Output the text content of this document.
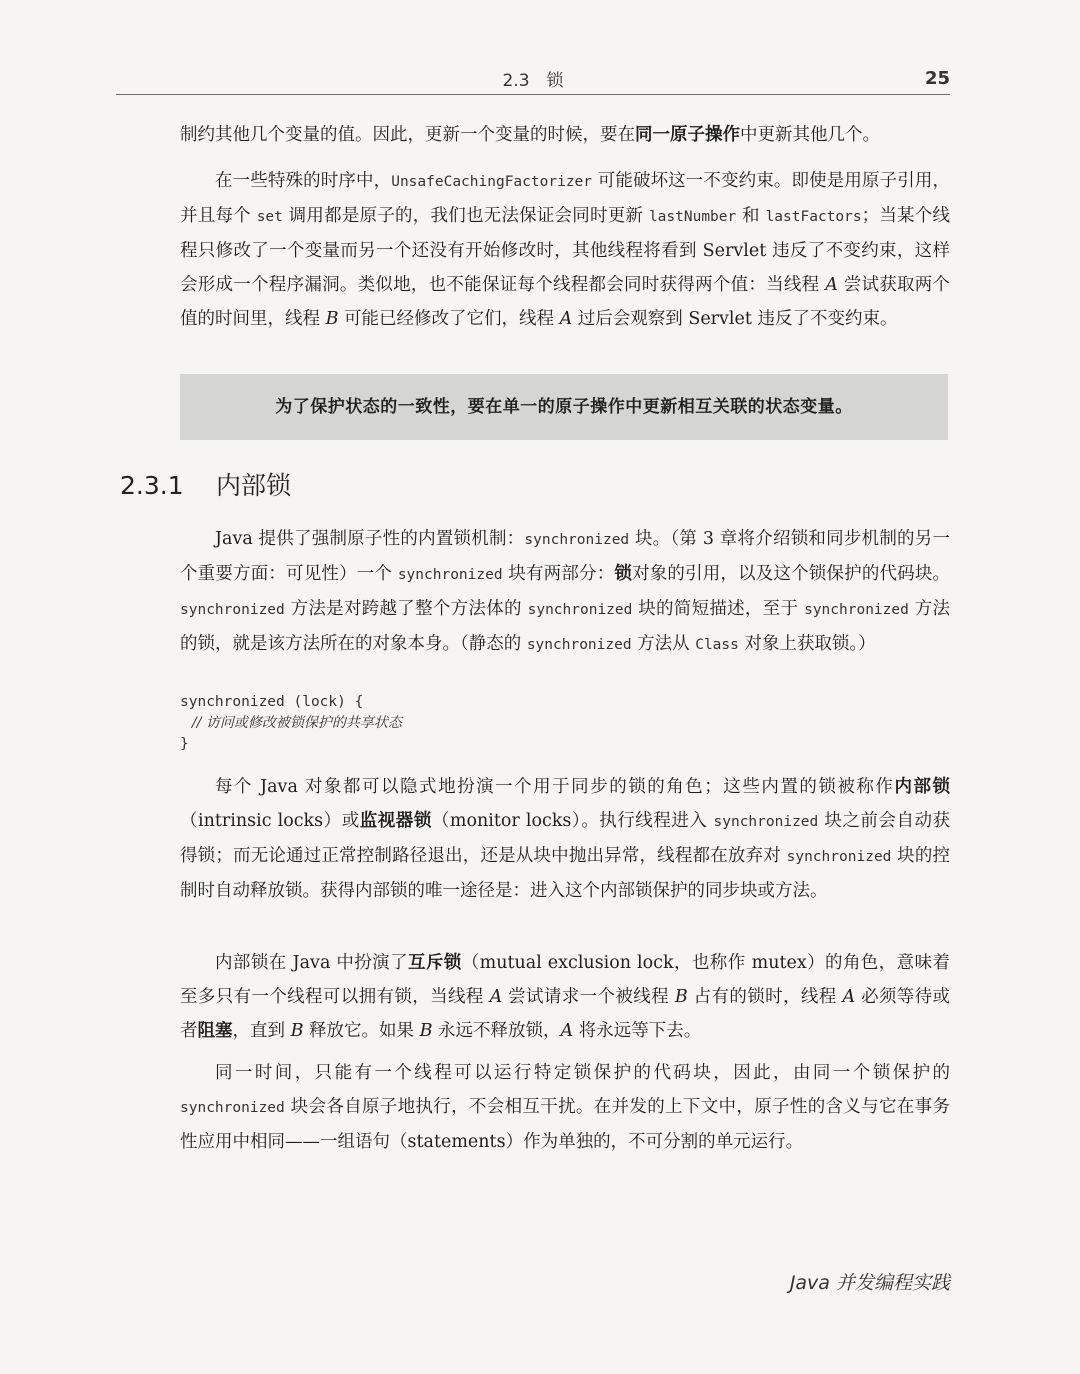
2.3　锁	25

制约其他几个变量的值。因此，更新一个变量的时候，要在同一原子操作中更新其他几个。

在一些特殊的时序中，UnsafeCachingFactorizer 可能破坏这一不变约束。即使是用原子引用，并且每个 set 调用都是原子的，我们也无法保证会同时更新 lastNumber 和 lastFactors；当某个线程只修改了一个变量而另一个还没有开始修改时，其他线程将看到 Servlet 违反了不变约束，这样会形成一个程序漏洞。类似地，也不能保证每个线程都会同时获得两个值：当线程 A 尝试获取两个值的时间里，线程 B 可能已经修改了它们，线程 A 过后会观察到 Servlet 违反了不变约束。

为了保护状态的一致性，要在单一的原子操作中更新相互关联的状态变量。
2.3.1 内部锁

Java 提供了强制原子性的内置锁机制：synchronized 块。（第 3 章将介绍锁和同步机制的另一个重要方面：可见性）一个 synchronized 块有两部分：锁对象的引用，以及这个锁保护的代码块。synchronized 方法是对跨越了整个方法体的 synchronized 块的简短描述，至于 synchronized 方法的锁，就是该方法所在的对象本身。（静态的 synchronized 方法从 Class 对象上获取锁。）

synchronized (lock) {
// 访问或修改被锁保护的共享状态
}

每个 Java 对象都可以隐式地扮演一个用于同步的锁的角色；这些内置的锁被称作内部锁（intrinsic locks）或监视器锁（monitor locks）。执行线程进入 synchronized 块之前会自动获得锁；而无论通过正常控制路径退出，还是从块中抛出异常，线程都在放弃对 synchronized 块的控制时自动释放锁。获得内部锁的唯一途径是：进入这个内部锁保护的同步块或方法。

内部锁在 Java 中扮演了互斥锁（mutual exclusion lock，也称作 mutex）的角色，意味着至多只有一个线程可以拥有锁，当线程 A 尝试请求一个被线程 B 占有的锁时，线程 A 必须等待或者阻塞，直到 B 释放它。如果 B 永远不释放锁，A 将永远等下去。

同一时间，只能有一个线程可以运行特定锁保护的代码块，因此，由同一个锁保护的 synchronized 块会各自原子地执行，不会相互干扰。在并发的上下文中，原子性的含义与它在事务性应用中相同——一组语句（statements）作为单独的，不可分割的单元运行。

Java 并发编程实践
